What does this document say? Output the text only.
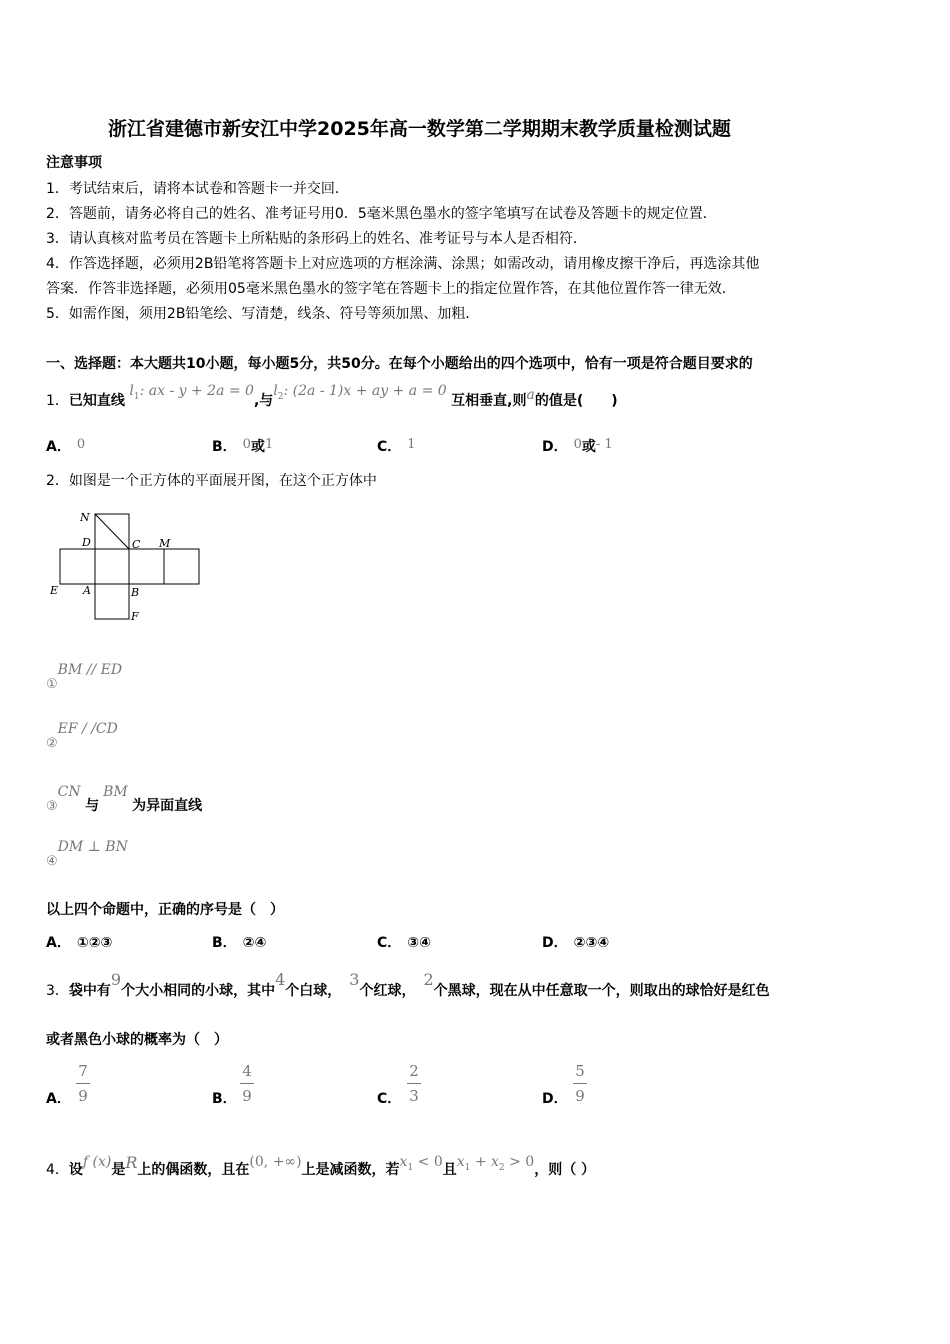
浙江省建德市新安江中学2025年高一数学第二学期期末教学质量检测试题
注意事项
1．考试结束后，请将本试卷和答题卡一并交回．
2．答题前，请务必将自己的姓名、准考证号用0．5毫米黑色墨水的签字笔填写在试卷及答题卡的规定位置．
3．请认真核对监考员在答题卡上所粘贴的条形码上的姓名、准考证号与本人是否相符．
4．作答选择题，必须用2B铅笔将答题卡上对应选项的方框涂满、涂黑；如需改动，请用橡皮擦干净后，再选涂其他
答案．作答非选择题，必须用05毫米黑色墨水的签字笔在答题卡上的指定位置作答，在其他位置作答一律无效．
5．如需作图，须用2B铅笔绘、写清楚，线条、符号等须加黑、加粗．
一、选择题：本大题共10小题，每小题5分，共50分。在每个小题给出的四个选项中，恰有一项是符合题目要求的
1．已知直线 $l_1$: ax - y + 2a = 0,与$l_2$: (2a - 1)x + ay + a = 0 互相垂直,则a的值是(　　)
A． 0	B． 0或1	C． 1	D． 0或- 1
2．如图是一个正方体的平面展开图，在这个正方体中
N
D	C M
E A	B
F
①BM // ED
②EF / /CD
③CN 与BM 为异面直线
④DM ⊥ BN
以上四个命题中，正确的序号是（　）
A． ①②③	B． ②④	C． ③④	D． ②③④
3．袋中有9个大小相同的小球，其中4个白球，3个红球，2个黑球，现在从中任意取一个，则取出的球恰好是红色
或者黑色小球的概率为（　）
A．
7
9	B．
4
9	C．
2
3	D．
5
9
4．设f (x)是R上的偶函数，且在(0, +∞)上是减函数，若$x_1 < 0$且$x_1 + x_2 > 0$，则（ ）
